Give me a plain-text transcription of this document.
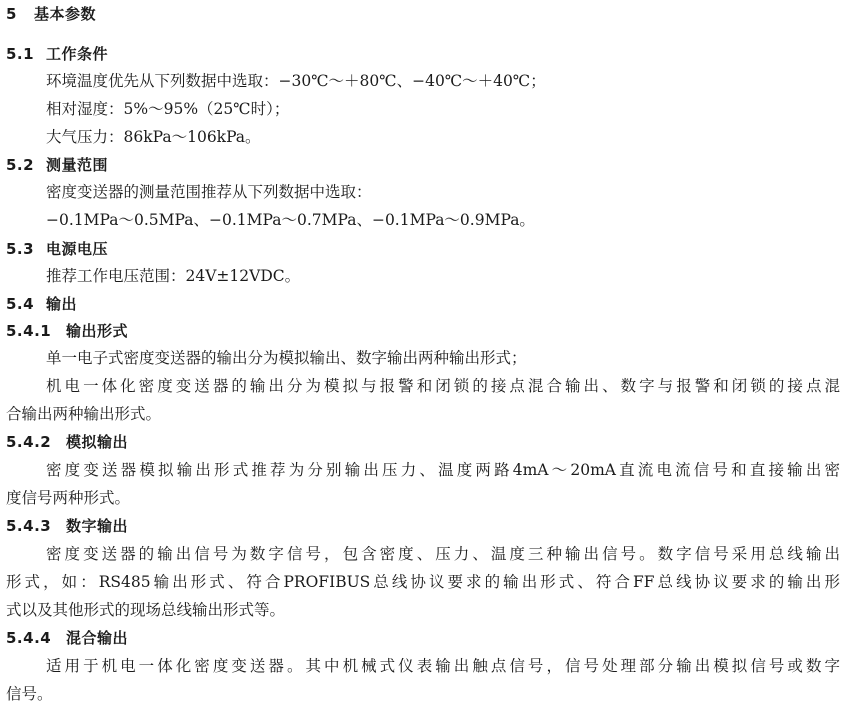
5 基本参数
5.1 工作条件
环境温度优先从下列数据中选取：−30℃～＋80℃、−40℃～＋40℃；
相对湿度：5%～95%（25℃时）；
大气压力：86kPa～106kPa。
5.2 测量范围
密度变送器的测量范围推荐从下列数据中选取：
−0.1MPa～0.5MPa、−0.1MPa～0.7MPa、−0.1MPa～0.9MPa。
5.3 电源电压
推荐工作电压范围：24V±12VDC。
5.4 输出
5.4.1 输出形式
单一电子式密度变送器的输出分为模拟输出、数字输出两种输出形式；
机电一体化密度变送器的输出分为模拟与报警和闭锁的接点混合输出、数字与报警和闭锁的接点混
合输出两种输出形式。
5.4.2 模拟输出
密度变送器模拟输出形式推荐为分别输出压力、温度两路4mA～20mA直流电流信号和直接输出密
度信号两种形式。
5.4.3 数字输出
密度变送器的输出信号为数字信号，包含密度、压力、温度三种输出信号。数字信号采用总线输出
形式，如：RS485输出形式、符合PROFIBUS总线协议要求的输出形式、符合FF总线协议要求的输出形
式以及其他形式的现场总线输出形式等。
5.4.4 混合输出
适用于机电一体化密度变送器。其中机械式仪表输出触点信号，信号处理部分输出模拟信号或数字
信号。
